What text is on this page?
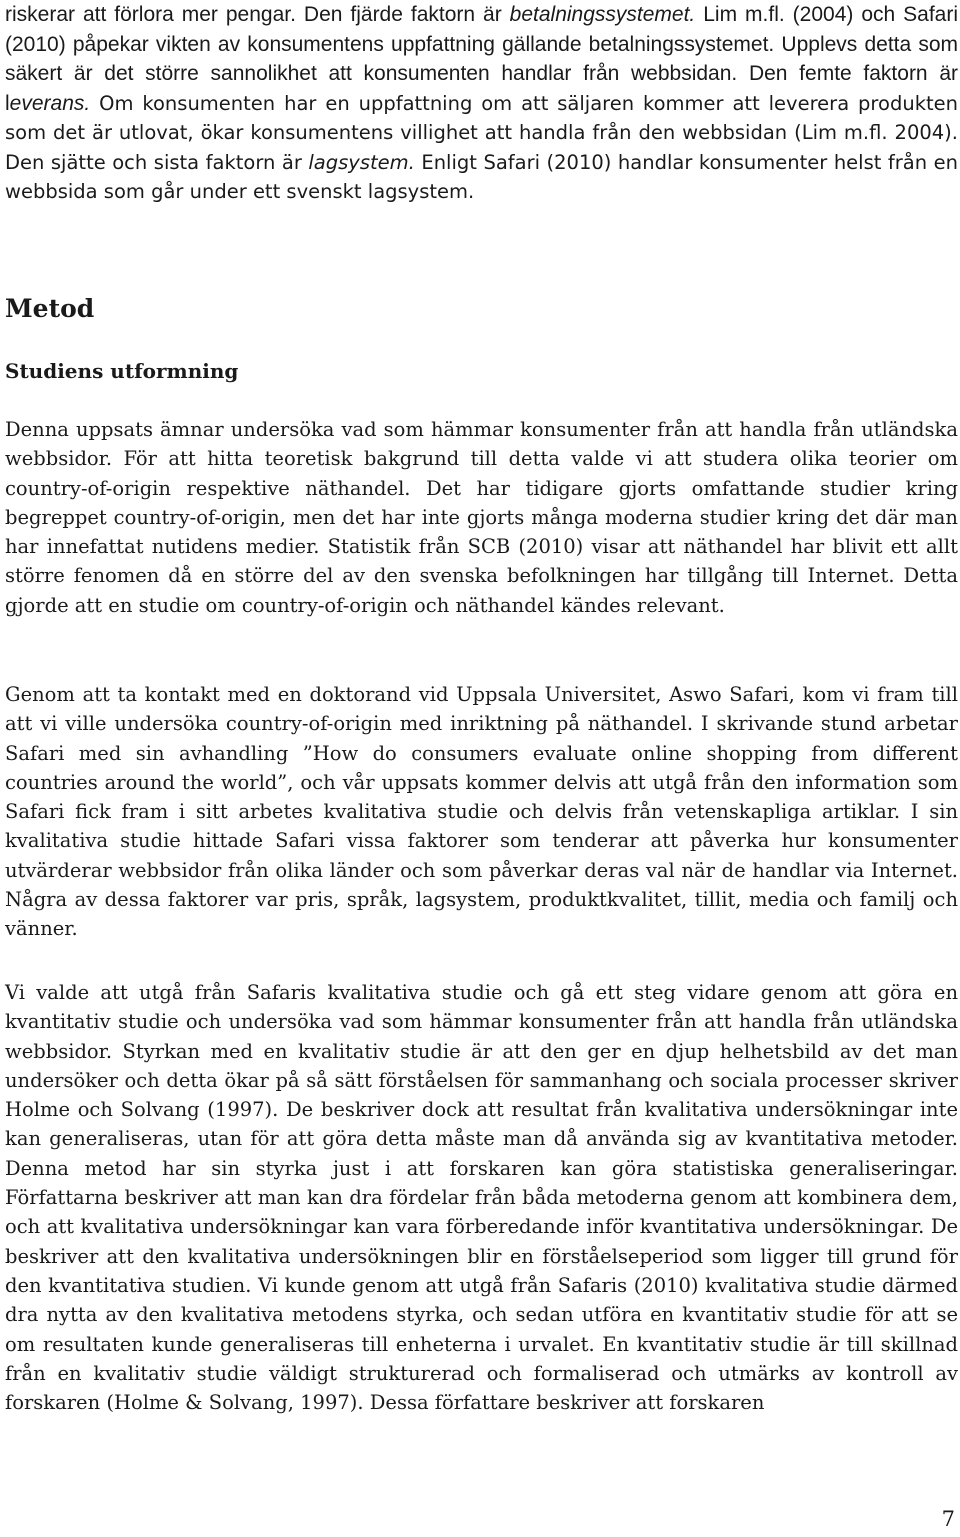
riskerar att förlora mer pengar. Den fjärde faktorn är betalningssystemet. Lim m.fl. (2004) och Safari (2010) påpekar vikten av konsumentens uppfattning gällande betalningssystemet. Upplevs detta som säkert är det större sannolikhet att konsumenten handlar från webbsidan. Den femte faktorn är leverans. Om konsumenten har en uppfattning om att säljaren kommer att leverera produkten som det är utlovat, ökar konsumentens villighet att handla från den webbsidan (Lim m.fl. 2004). Den sjätte och sista faktorn är lagsystem. Enligt Safari (2010) handlar konsumenter helst från en webbsida som går under ett svenskt lagsystem.

Metod
Studiens utformning

Denna uppsats ämnar undersöka vad som hämmar konsumenter från att handla från utländska webbsidor. För att hitta teoretisk bakgrund till detta valde vi att studera olika teorier om country-of-origin respektive näthandel. Det har tidigare gjorts omfattande studier kring begreppet country-of-origin, men det har inte gjorts många moderna studier kring det där man har innefattat nutidens medier. Statistik från SCB (2010) visar att näthandel har blivit ett allt större fenomen då en större del av den svenska befolkningen har tillgång till Internet. Detta gjorde att en studie om country-of-origin och näthandel kändes relevant.

Genom att ta kontakt med en doktorand vid Uppsala Universitet, Aswo Safari, kom vi fram till att vi ville undersöka country-of-origin med inriktning på näthandel. I skrivande stund arbetar Safari med sin avhandling ”How do consumers evaluate online shopping from different countries around the world”, och vår uppsats kommer delvis att utgå från den information som Safari fick fram i sitt arbetes kvalitativa studie och delvis från vetenskapliga artiklar. I sin kvalitativa studie hittade Safari vissa faktorer som tenderar att påverka hur konsumenter utvärderar webbsidor från olika länder och som påverkar deras val när de handlar via Internet. Några av dessa faktorer var pris, språk, lagsystem, produktkvalitet, tillit, media och familj och vänner.

Vi valde att utgå från Safaris kvalitativa studie och gå ett steg vidare genom att göra en kvantitativ studie och undersöka vad som hämmar konsumenter från att handla från utländska webbsidor. Styrkan med en kvalitativ studie är att den ger en djup helhetsbild av det man undersöker och detta ökar på så sätt förståelsen för sammanhang och sociala processer skriver Holme och Solvang (1997). De beskriver dock att resultat från kvalitativa undersökningar inte kan generaliseras, utan för att göra detta måste man då använda sig av kvantitativa metoder. Denna metod har sin styrka just i att forskaren kan göra statistiska generaliseringar. Författarna beskriver att man kan dra fördelar från båda metoderna genom att kombinera dem, och att kvalitativa undersökningar kan vara förberedande inför kvantitativa undersökningar. De beskriver att den kvalitativa undersökningen blir en förståelseperiod som ligger till grund för den kvantitativa studien. Vi kunde genom att utgå från Safaris (2010) kvalitativa studie därmed dra nytta av den kvalitativa metodens styrka, och sedan utföra en kvantitativ studie för att se om resultaten kunde generaliseras till enheterna i urvalet. En kvantitativ studie är till skillnad från en kvalitativ studie väldigt strukturerad och formaliserad och utmärks av kontroll av forskaren (Holme & Solvang, 1997). Dessa författare beskriver att forskaren

7
